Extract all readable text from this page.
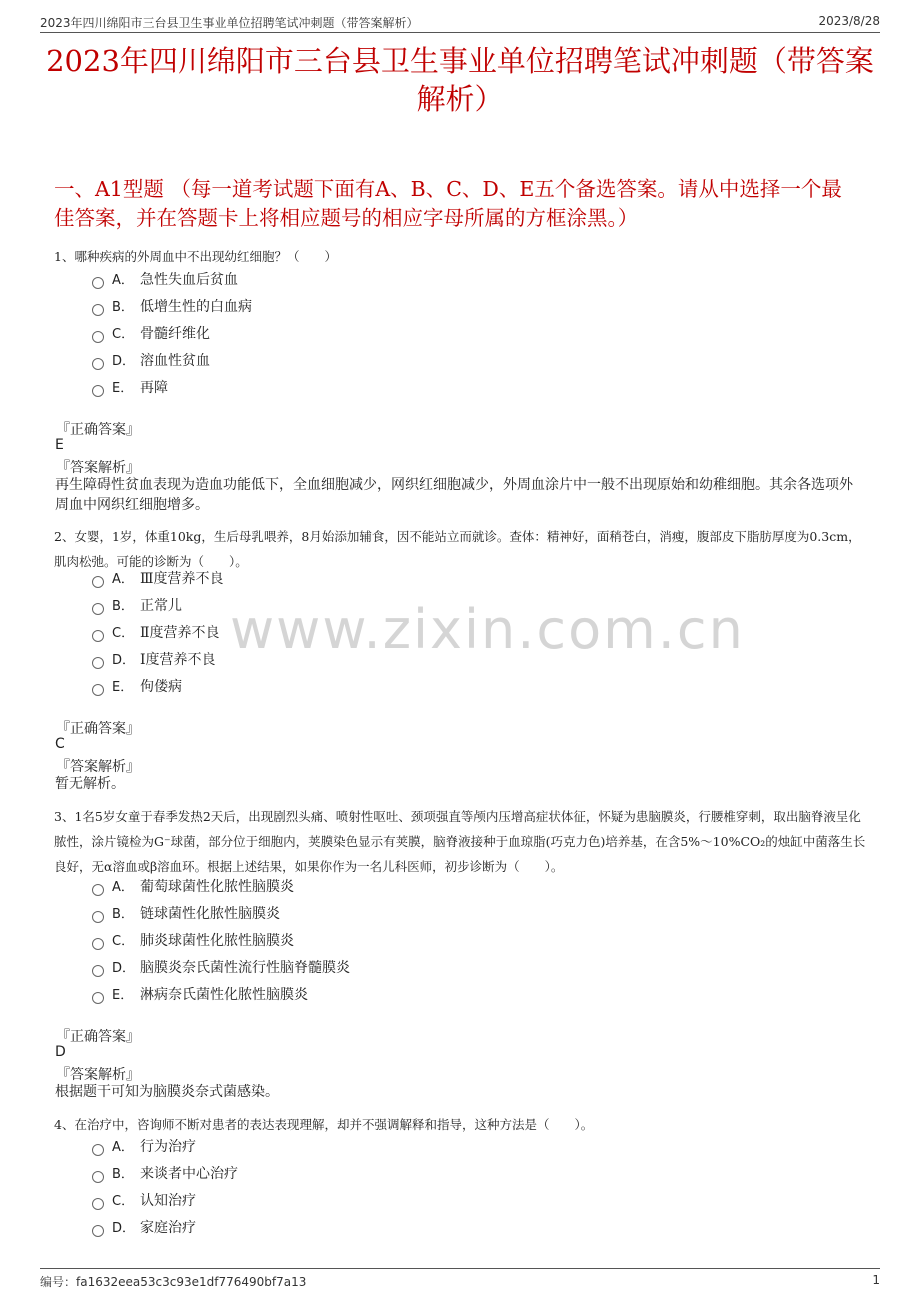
2023年四川绵阳市三台县卫生事业单位招聘笔试冲刺题（带答案解析）	2023/8/28
2023年四川绵阳市三台县卫生事业单位招聘笔试冲刺题（带答案解析）
一、A1型题 （每一道考试题下面有A、B、C、D、E五个备选答案。请从中选择一个最佳答案，并在答题卡上将相应题号的相应字母所属的方框涂黑。）
www.zixin.com.cn
1、哪种疾病的外周血中不出现幼红细胞？（　　）
A． 急性失血后贫血
B． 低增生性的白血病
C． 骨髓纤维化
D． 溶血性贫血
E． 再障
『正确答案』
E
『答案解析』
再生障碍性贫血表现为造血功能低下，全血细胞减少，网织红细胞减少，外周血涂片中一般不出现原始和幼稚细胞。其余各选项外周血中网织红细胞增多。
2、女婴，1岁，体重10kg，生后母乳喂养，8月始添加辅食，因不能站立而就诊。查体：精神好，面稍苍白，消瘦，腹部皮下脂肪厚度为0.3cm，肌肉松弛。可能的诊断为（　　）。
A． Ⅲ度营养不良
B． 正常儿
C． Ⅱ度营养不良
D． Ⅰ度营养不良
E． 佝偻病
『正确答案』
C
『答案解析』
暂无解析。
3、1名5岁女童于春季发热2天后，出现剧烈头痛、喷射性呕吐、颈项强直等颅内压增高症状体征，怀疑为患脑膜炎，行腰椎穿刺，取出脑脊液呈化脓性，涂片镜检为G⁻球菌，部分位于细胞内，荚膜染色显示有荚膜，脑脊液接种于血琼脂(巧克力色)培养基，在含5%～10%CO₂的烛缸中菌落生长良好，无α溶血或β溶血环。根据上述结果，如果你作为一名儿科医师，初步诊断为（　　）。
A． 葡萄球菌性化脓性脑膜炎
B． 链球菌性化脓性脑膜炎
C． 肺炎球菌性化脓性脑膜炎
D． 脑膜炎奈氏菌性流行性脑脊髓膜炎
E． 淋病奈氏菌性化脓性脑膜炎
『正确答案』
D
『答案解析』
根据题干可知为脑膜炎奈式菌感染。
4、在治疗中，咨询师不断对患者的表达表现理解，却并不强调解释和指导，这种方法是（　　）。
A． 行为治疗
B． 来谈者中心治疗
C． 认知治疗
D． 家庭治疗
编号：fa1632eea53c3c93e1df776490bf7a13	1
